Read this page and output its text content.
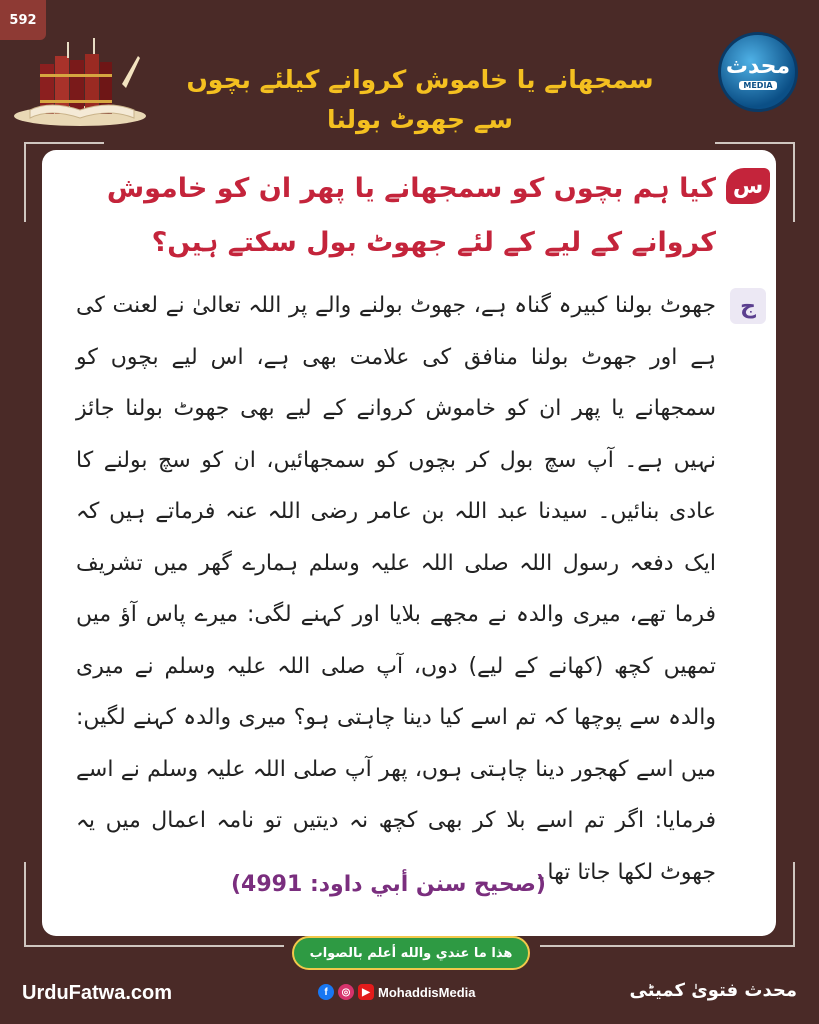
592
سمجھانے یا خاموش کروانے کیلئے بچوں سے جھوٹ بولنا
محدث
MEDIA
س
کیا ہم بچوں کو سمجھانے یا پھر ان کو خاموش کروانے کے لیے کے لئے جھوٹ بول سکتے ہیں؟
ج
جھوٹ بولنا کبیرہ گناہ ہے، جھوٹ بولنے والے پر اللہ تعالیٰ نے لعنت کی ہے اور جھوٹ بولنا منافق کی علامت بھی ہے، اس لیے بچوں کو سمجھانے یا پھر ان کو خاموش کروانے کے لیے بھی جھوٹ بولنا جائز نہیں ہے۔ آپ سچ بول کر بچوں کو سمجھائیں، ان کو سچ بولنے کا عادی بنائیں۔ سیدنا عبد اللہ بن عامر رضی اللہ عنہ فرماتے ہیں کہ ایک دفعہ رسول اللہ صلی اللہ علیہ وسلم ہمارے گھر میں تشریف فرما تھے، میری والدہ نے مجھے بلایا اور کہنے لگی: میرے پاس آؤ میں تمھیں کچھ (کھانے کے لیے) دوں، آپ صلی اللہ علیہ وسلم نے میری والدہ سے پوچھا کہ تم اسے کیا دینا چاہتی ہو؟ میری والدہ کہنے لگیں: میں اسے کھجور دینا چاہتی ہوں، پھر آپ صلی اللہ علیہ وسلم نے اسے فرمایا: اگر تم اسے بلا کر بھی کچھ نہ دیتیں تو نامہ اعمال میں یہ جھوٹ لکھا جاتا تھا۔
(صحيح سنن أبي داود: 4991)
هذا ما عندي والله أعلم بالصواب
UrduFatwa.com	f	◎	▶ MohaddisMedia	محدث فتویٰ کمیٹی
